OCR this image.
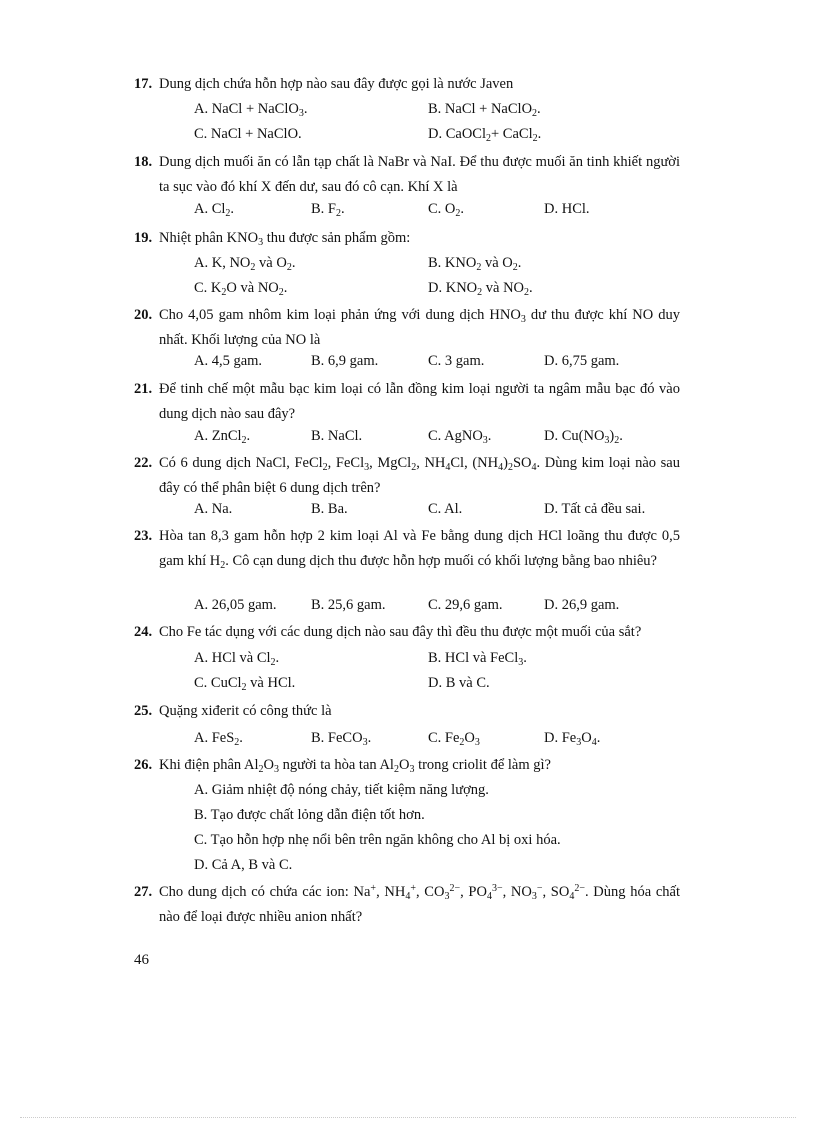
17. Dung dịch chứa hỗn hợp nào sau đây được gọi là nước Javen
A. NaCl + NaClO$_3$.	B. NaCl + NaClO$_2$.
C. NaCl + NaClO.	D. CaOCl$_2$+ CaCl$_2$.
18. Dung dịch muối ăn có lẫn tạp chất là NaBr và NaI. Để thu được muối ăn tinh khiết người ta sục vào đó khí X đến dư, sau đó cô cạn. Khí X là
A. $Cl_2$.	B. $F_2$.	C. $O_2$.	D. HCl.
19. Nhiệt phân $KNO_3$ thu được sản phẩm gồm:
A. K, $NO_2$ và $O_2$.	B. $KNO_2$ và $O_2$.
C. $K_2O$ và $NO_2$.	D. $KNO_2$ và $NO_2$.
20. Cho 4,05 gam nhôm kim loại phản ứng với dung dịch $HNO_3$ dư thu được khí NO duy nhất. Khối lượng của NO là
A. 4,5 gam.	B. 6,9 gam.	C. 3 gam.	D. 6,75 gam.
21. Để tinh chế một mẫu bạc kim loại có lẫn đồng kim loại người ta ngâm mẫu bạc đó vào dung dịch nào sau đây?
A. ZnCl$_2$.	B. NaCl.	C. AgNO$_3$.	D. $Cu(NO_3)_2$.
22. Có 6 dung dịch NaCl, FeCl$_2$, FeCl$_3$, MgCl$_2$, $NH_4Cl$, $(NH_4)_2SO_4$. Dùng kim loại nào sau đây có thể phân biệt 6 dung dịch trên?
A. Na.	B. Ba.	C. Al.	D. Tất cả đều sai.
23. Hòa tan 8,3 gam hỗn hợp 2 kim loại Al và Fe bằng dung dịch HCl loãng thu được 0,5 gam khí $H_2$. Cô cạn dung dịch thu được hỗn hợp muối có khối lượng bằng bao nhiêu?
A. 26,05 gam. B. 25,6 gam.	C. 29,6 gam.	D. 26,9 gam.
24. Cho Fe tác dụng với các dung dịch nào sau đây thì đều thu được một muối của sắt?
A. HCl và $Cl_2$.	B. HCl và FeCl$_3$.
C. CuCl$_2$ và HCl.	D. B và C.
25. Quặng xiđerit có công thức là
A. FeS$_2$.	B. FeCO$_3$.	C. $Fe_2O_3$	D. $Fe_3O_4$.
26. Khi điện phân $Al_2O_3$ người ta hòa $\tan Al_2O_3$ trong criolit để làm gì?
A. Giảm nhiệt độ nóng chảy, tiết kiệm năng lượng.
B. Tạo được chất lỏng dẫn điện tốt hơn.
C. Tạo hỗn hợp nhẹ nổi bên trên ngăn không cho Al bị oxi hóa.
D. Cả A, B và C.
27. Cho dung dịch có chứa các ion: Na+, $NH_4^+$, $CO_3^{2-}$, $PO_4^{3-}$, $NO_3^-$, $SO_4^{2-}$. Dùng hóa chất nào để loại được nhiều anion nhất?
46
